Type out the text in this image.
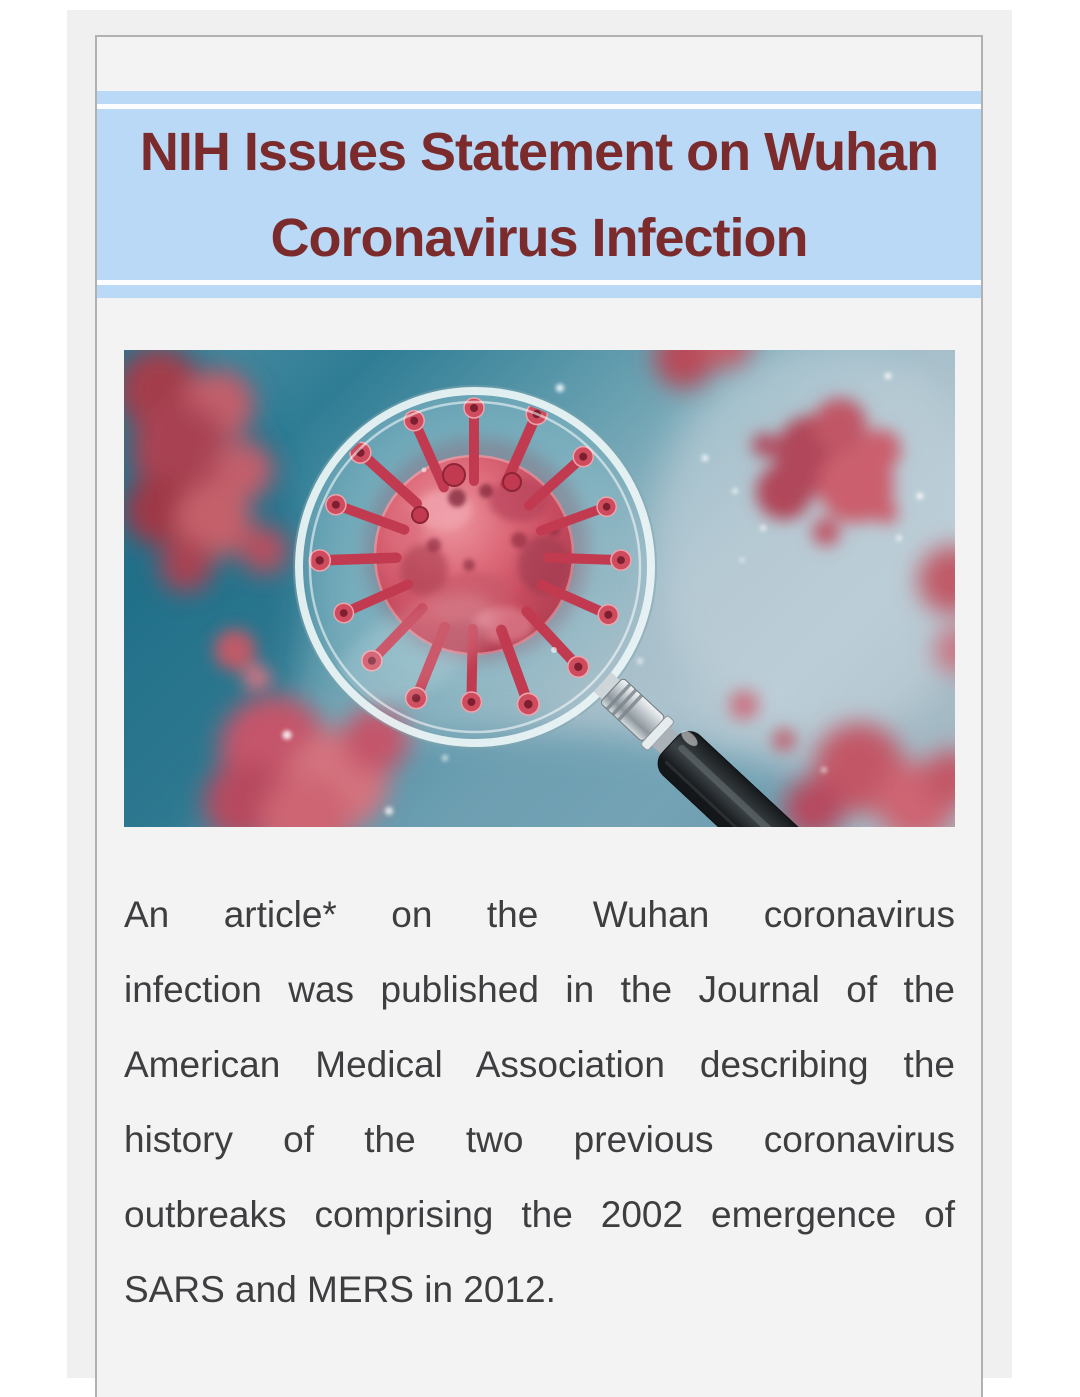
NIH Issues Statement on Wuhan
Coronavirus Infection

An article* on the Wuhan coronavirus

infection was published in the Journal of the

American Medical Association describing the

history of the two previous coronavirus

outbreaks comprising the 2002 emergence of

SARS and MERS in 2012.
